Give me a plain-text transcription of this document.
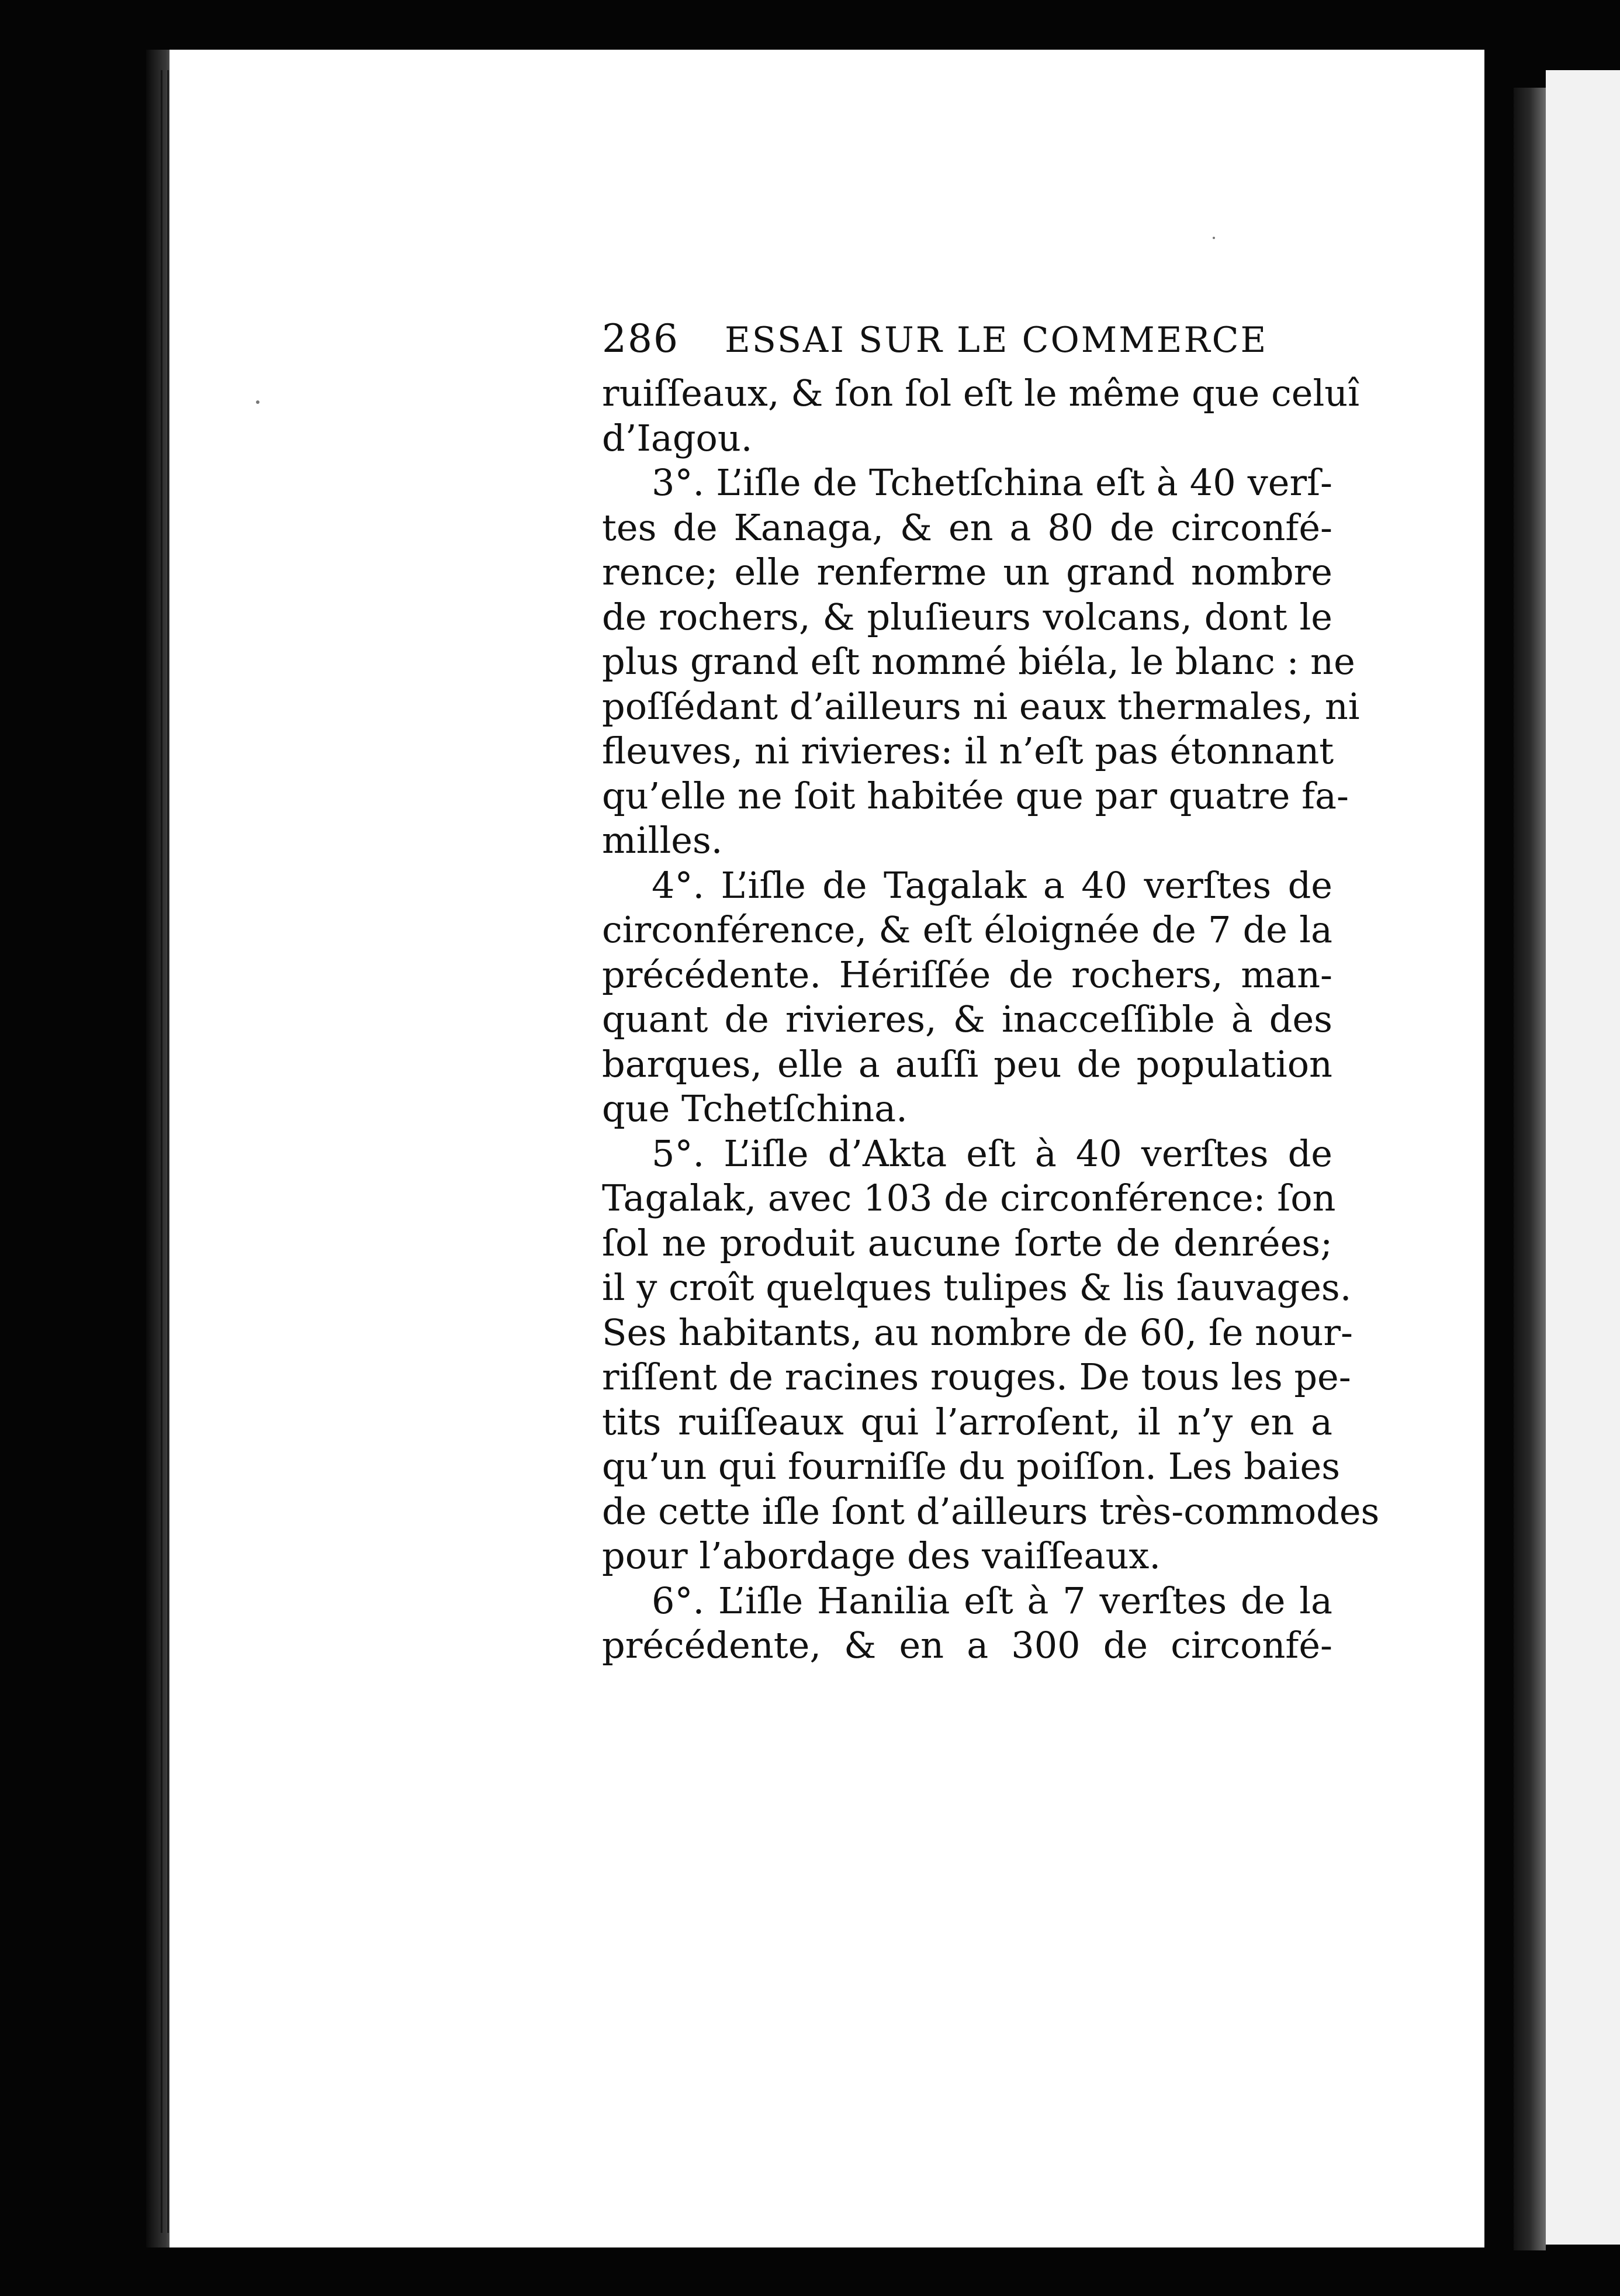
286 ESSAI SUR LE COMMERCE
ruiſſeaux, & ſon ſol eſt le même que celuî
d’Iagou.
3°. L’iſle de Tchetſchina eſt à 40 verſ-
tes de Kanaga, & en a 80 de circonfé-
rence; elle renferme un grand nombre
de rochers, & pluſieurs volcans, dont le
plus grand eſt nommé biéla, le blanc : ne
poſſédant d’ailleurs ni eaux thermales, ni
fleuves, ni rivieres: il n’eſt pas étonnant
qu’elle ne ſoit habitée que par quatre fa-
milles.
4°. L’iſle de Tagalak a 40 verſtes de
circonférence, & eſt éloignée de 7 de la
précédente. Hériſſée de rochers, man-
quant de rivieres, & inacceſſible à des
barques, elle a auſſi peu de population
que Tchetſchina.
5°. L’iſle d’Akta eſt à 40 verſtes de
Tagalak, avec 103 de circonférence: ſon
ſol ne produit aucune ſorte de denrées;
il y croît quelques tulipes & lis ſauvages.
Ses habitants, au nombre de 60, ſe nour-
riſſent de racines rouges. De tous les pe-
tits ruiſſeaux qui l’arroſent, il n’y en a
qu’un qui fourniſſe du poiſſon. Les baies
de cette iſle ſont d’ailleurs très-commodes
pour l’abordage des vaiſſeaux.
6°. L’iſle Hanilia eſt à 7 verſtes de la
précédente, & en a 300 de circonfé-
